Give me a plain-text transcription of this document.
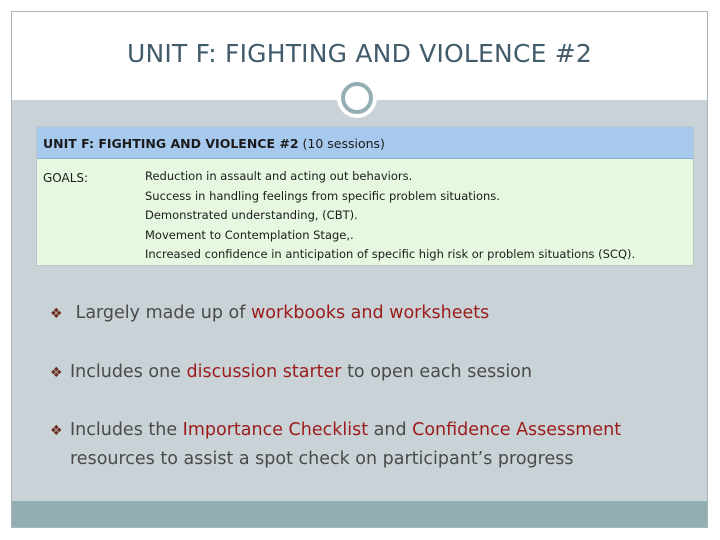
UNIT F: FIGHTING AND VIOLENCE #2
UNIT F: FIGHTING AND VIOLENCE #2 (10 sessions)
GOALS:	Reduction in assault and acting out behaviors.
Success in handling feelings from specific problem situations.
Demonstrated understanding, (CBT).
Movement to Contemplation Stage,.
Increased confidence in anticipation of specific high risk or problem situations (SCQ).
❖ Largely made up of workbooks and worksheets
❖ Includes one discussion starter to open each session
❖ Includes the Importance Checklist and Confidence Assessment
resources to assist a spot check on participant’s progress
